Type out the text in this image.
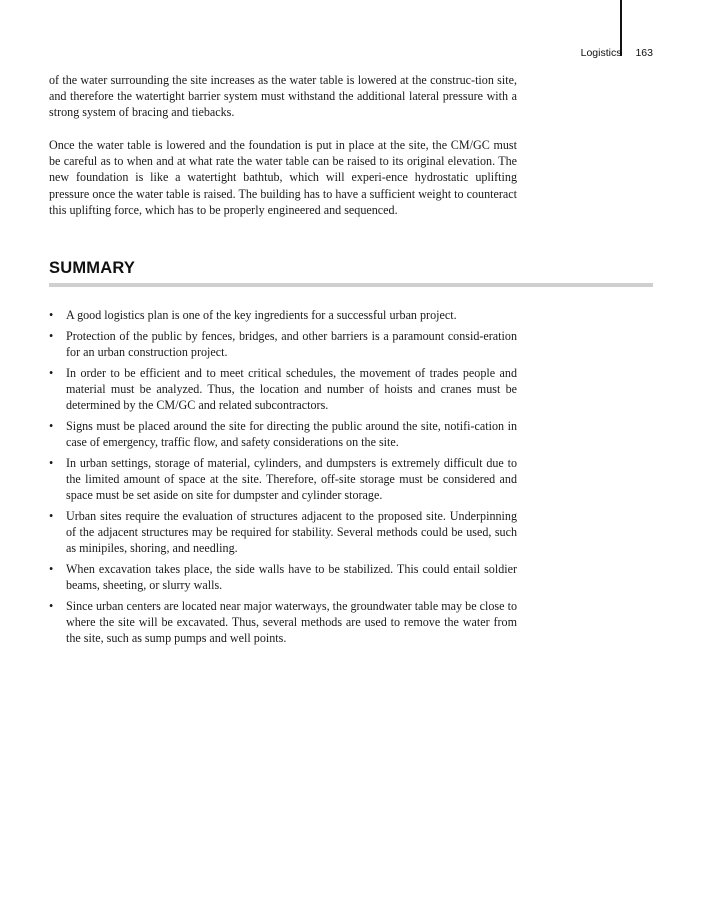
Logistics 163

of the water surrounding the site increases as the water table is lowered at the construc-tion site, and therefore the watertight barrier system must withstand the additional lateral pressure with a strong system of bracing and tiebacks.

Once the water table is lowered and the foundation is put in place at the site, the CM/GC must be careful as to when and at what rate the water table can be raised to its original elevation. The new foundation is like a watertight bathtub, which will experi-ence hydrostatic uplifting pressure once the water table is raised. The building has to have a sufficient weight to counteract this uplifting force, which has to be properly engineered and sequenced.

SUMMARY
•	A good logistics plan is one of the key ingredients for a successful urban project.
•	Protection of the public by fences, bridges, and other barriers is a paramount consid-eration for an urban construction project.
•	In order to be efficient and to meet critical schedules, the movement of trades people and material must be analyzed. Thus, the location and number of hoists and cranes must be determined by the CM/GC and related subcontractors.
•	Signs must be placed around the site for directing the public around the site, notifi-cation in case of emergency, traffic flow, and safety considerations on the site.
•	In urban settings, storage of material, cylinders, and dumpsters is extremely difficult due to the limited amount of space at the site. Therefore, off-site storage must be considered and space must be set aside on site for dumpster and cylinder storage.
•	Urban sites require the evaluation of structures adjacent to the proposed site. Underpinning of the adjacent structures may be required for stability. Several methods could be used, such as minipiles, shoring, and needling.
•	When excavation takes place, the side walls have to be stabilized. This could entail soldier beams, sheeting, or slurry walls.
•	Since urban centers are located near major waterways, the groundwater table may be close to where the site will be excavated. Thus, several methods are used to remove the water from the site, such as sump pumps and well points.
